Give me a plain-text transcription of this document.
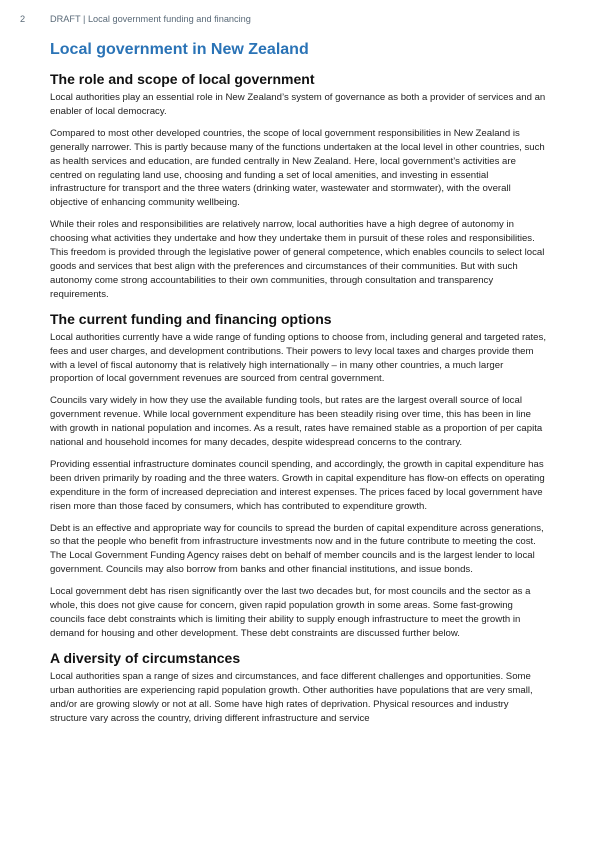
2	DRAFT | Local government funding and financing
Local government in New Zealand
The role and scope of local government

Local authorities play an essential role in New Zealand’s system of governance as both a provider of services and an enabler of local democracy.

Compared to most other developed countries, the scope of local government responsibilities in New Zealand is generally narrower. This is partly because many of the functions undertaken at the local level in other countries, such as health services and education, are funded centrally in New Zealand. Here, local government’s activities are centred on regulating land use, choosing and funding a set of local amenities, and investing in essential infrastructure for transport and the three waters (drinking water, wastewater and stormwater), with the overall objective of enhancing community wellbeing.

While their roles and responsibilities are relatively narrow, local authorities have a high degree of autonomy in choosing what activities they undertake and how they undertake them in pursuit of these roles and responsibilities. This freedom is provided through the legislative power of general competence, which enables councils to select local goods and services that best align with the preferences and circumstances of their communities. But with such autonomy come strong accountabilities to their own communities, through consultation and transparency requirements.

The current funding and financing options

Local authorities currently have a wide range of funding options to choose from, including general and targeted rates, fees and user charges, and development contributions. Their powers to levy local taxes and charges provide them with a level of fiscal autonomy that is relatively high internationally – in many other countries, a much larger proportion of local government revenues are sourced from central government.

Councils vary widely in how they use the available funding tools, but rates are the largest overall source of local government revenue. While local government expenditure has been steadily rising over time, this has been in line with growth in national population and incomes. As a result, rates have remained stable as a proportion of per capita national and household incomes for many decades, despite widespread concerns to the contrary.

Providing essential infrastructure dominates council spending, and accordingly, the growth in capital expenditure has been driven primarily by roading and the three waters. Growth in capital expenditure has flow-on effects on operating expenditure in the form of increased depreciation and interest expenses. The prices faced by local government have risen more than those faced by consumers, which has contributed to expenditure growth.

Debt is an effective and appropriate way for councils to spread the burden of capital expenditure across generations, so that the people who benefit from infrastructure investments now and in the future contribute to meeting the cost. The Local Government Funding Agency raises debt on behalf of member councils and is the largest lender to local government. Councils may also borrow from banks and other financial institutions, and issue bonds.

Local government debt has risen significantly over the last two decades but, for most councils and the sector as a whole, this does not give cause for concern, given rapid population growth in some areas. Some fast-growing councils face debt constraints which is limiting their ability to supply enough infrastructure to meet the growth in demand for housing and other development. These debt constraints are discussed further below.

A diversity of circumstances

Local authorities span a range of sizes and circumstances, and face different challenges and opportunities. Some urban authorities are experiencing rapid population growth. Other authorities have populations that are very small, and/or are growing slowly or not at all. Some have high rates of deprivation. Physical resources and industry structure vary across the country, driving different infrastructure and service
